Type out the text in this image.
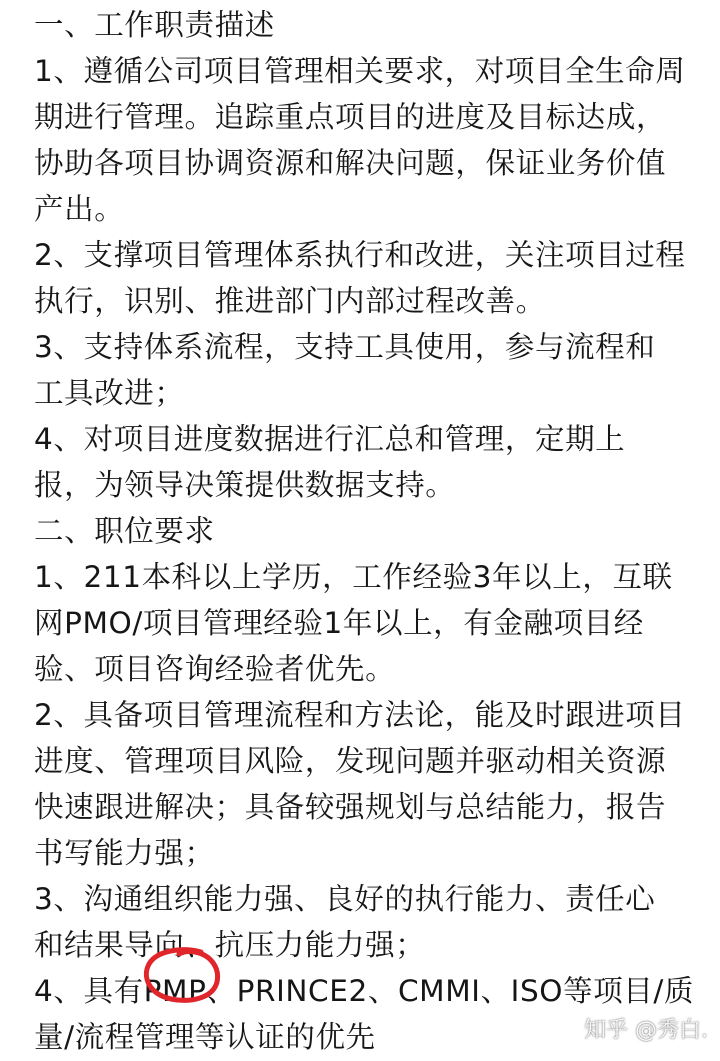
一、工作职责描述
1、遵循公司项目管理相关要求，对项目全生命周
期进行管理。追踪重点项目的进度及目标达成，
协助各项目协调资源和解决问题，保证业务价值
产出。
2、支撑项目管理体系执行和改进，关注项目过程
执行，识别、推进部门内部过程改善。
3、支持体系流程，支持工具使用，参与流程和
工具改进；
4、对项目进度数据进行汇总和管理，定期上
报，为领导决策提供数据支持。
二、职位要求
1、211本科以上学历，工作经验3年以上，互联
网PMO/项目管理经验1年以上，有金融项目经
验、项目咨询经验者优先。
2、具备项目管理流程和方法论，能及时跟进项目
进度、管理项目风险，发现问题并驱动相关资源
快速跟进解决；具备较强规划与总结能力，报告
书写能力强；
3、沟通组织能力强、良好的执行能力、责任心
和结果导向、抗压力能力强；
4、具有PMP、PRINCE2、CMMI、ISO等项目/质
量/流程管理等认证的优先	知乎 @秀白.
